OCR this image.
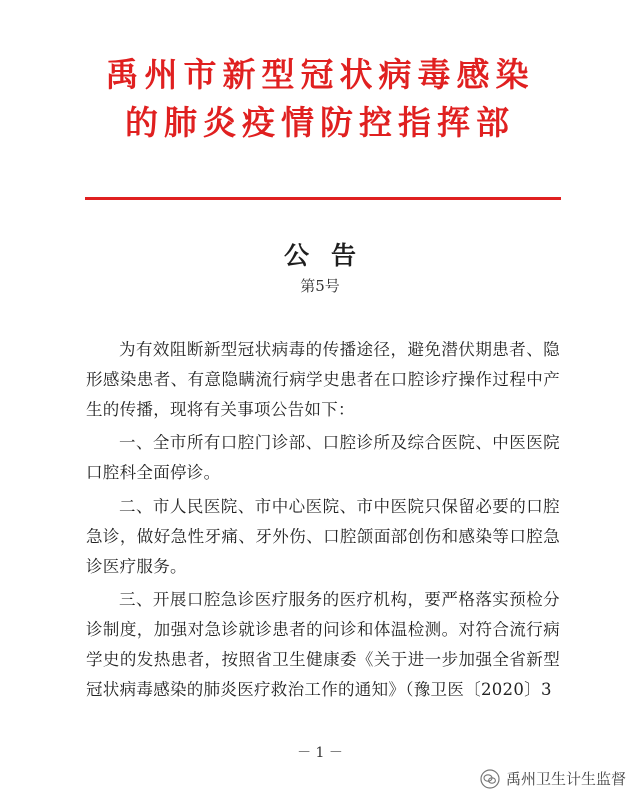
禹州市新型冠状病毒感染
的肺炎疫情防控指挥部
公告
第5号

为有效阻断新型冠状病毒的传播途径，避免潜伏期患者、隐形感染患者、有意隐瞒流行病学史患者在口腔诊疗操作过程中产生的传播，现将有关事项公告如下：

一、全市所有口腔门诊部、口腔诊所及综合医院、中医医院口腔科全面停诊。

二、市人民医院、市中心医院、市中医院只保留必要的口腔急诊，做好急性牙痛、牙外伤、口腔颌面部创伤和感染等口腔急诊医疗服务。

三、开展口腔急诊医疗服务的医疗机构，要严格落实预检分诊制度，加强对急诊就诊患者的问诊和体温检测。对符合流行病学史的发热患者，按照省卫生健康委《关于进一步加强全省新型冠状病毒感染的肺炎医疗救治工作的通知》（豫卫医〔2020〕3

－ 1 －
禹州卫生计生监督
